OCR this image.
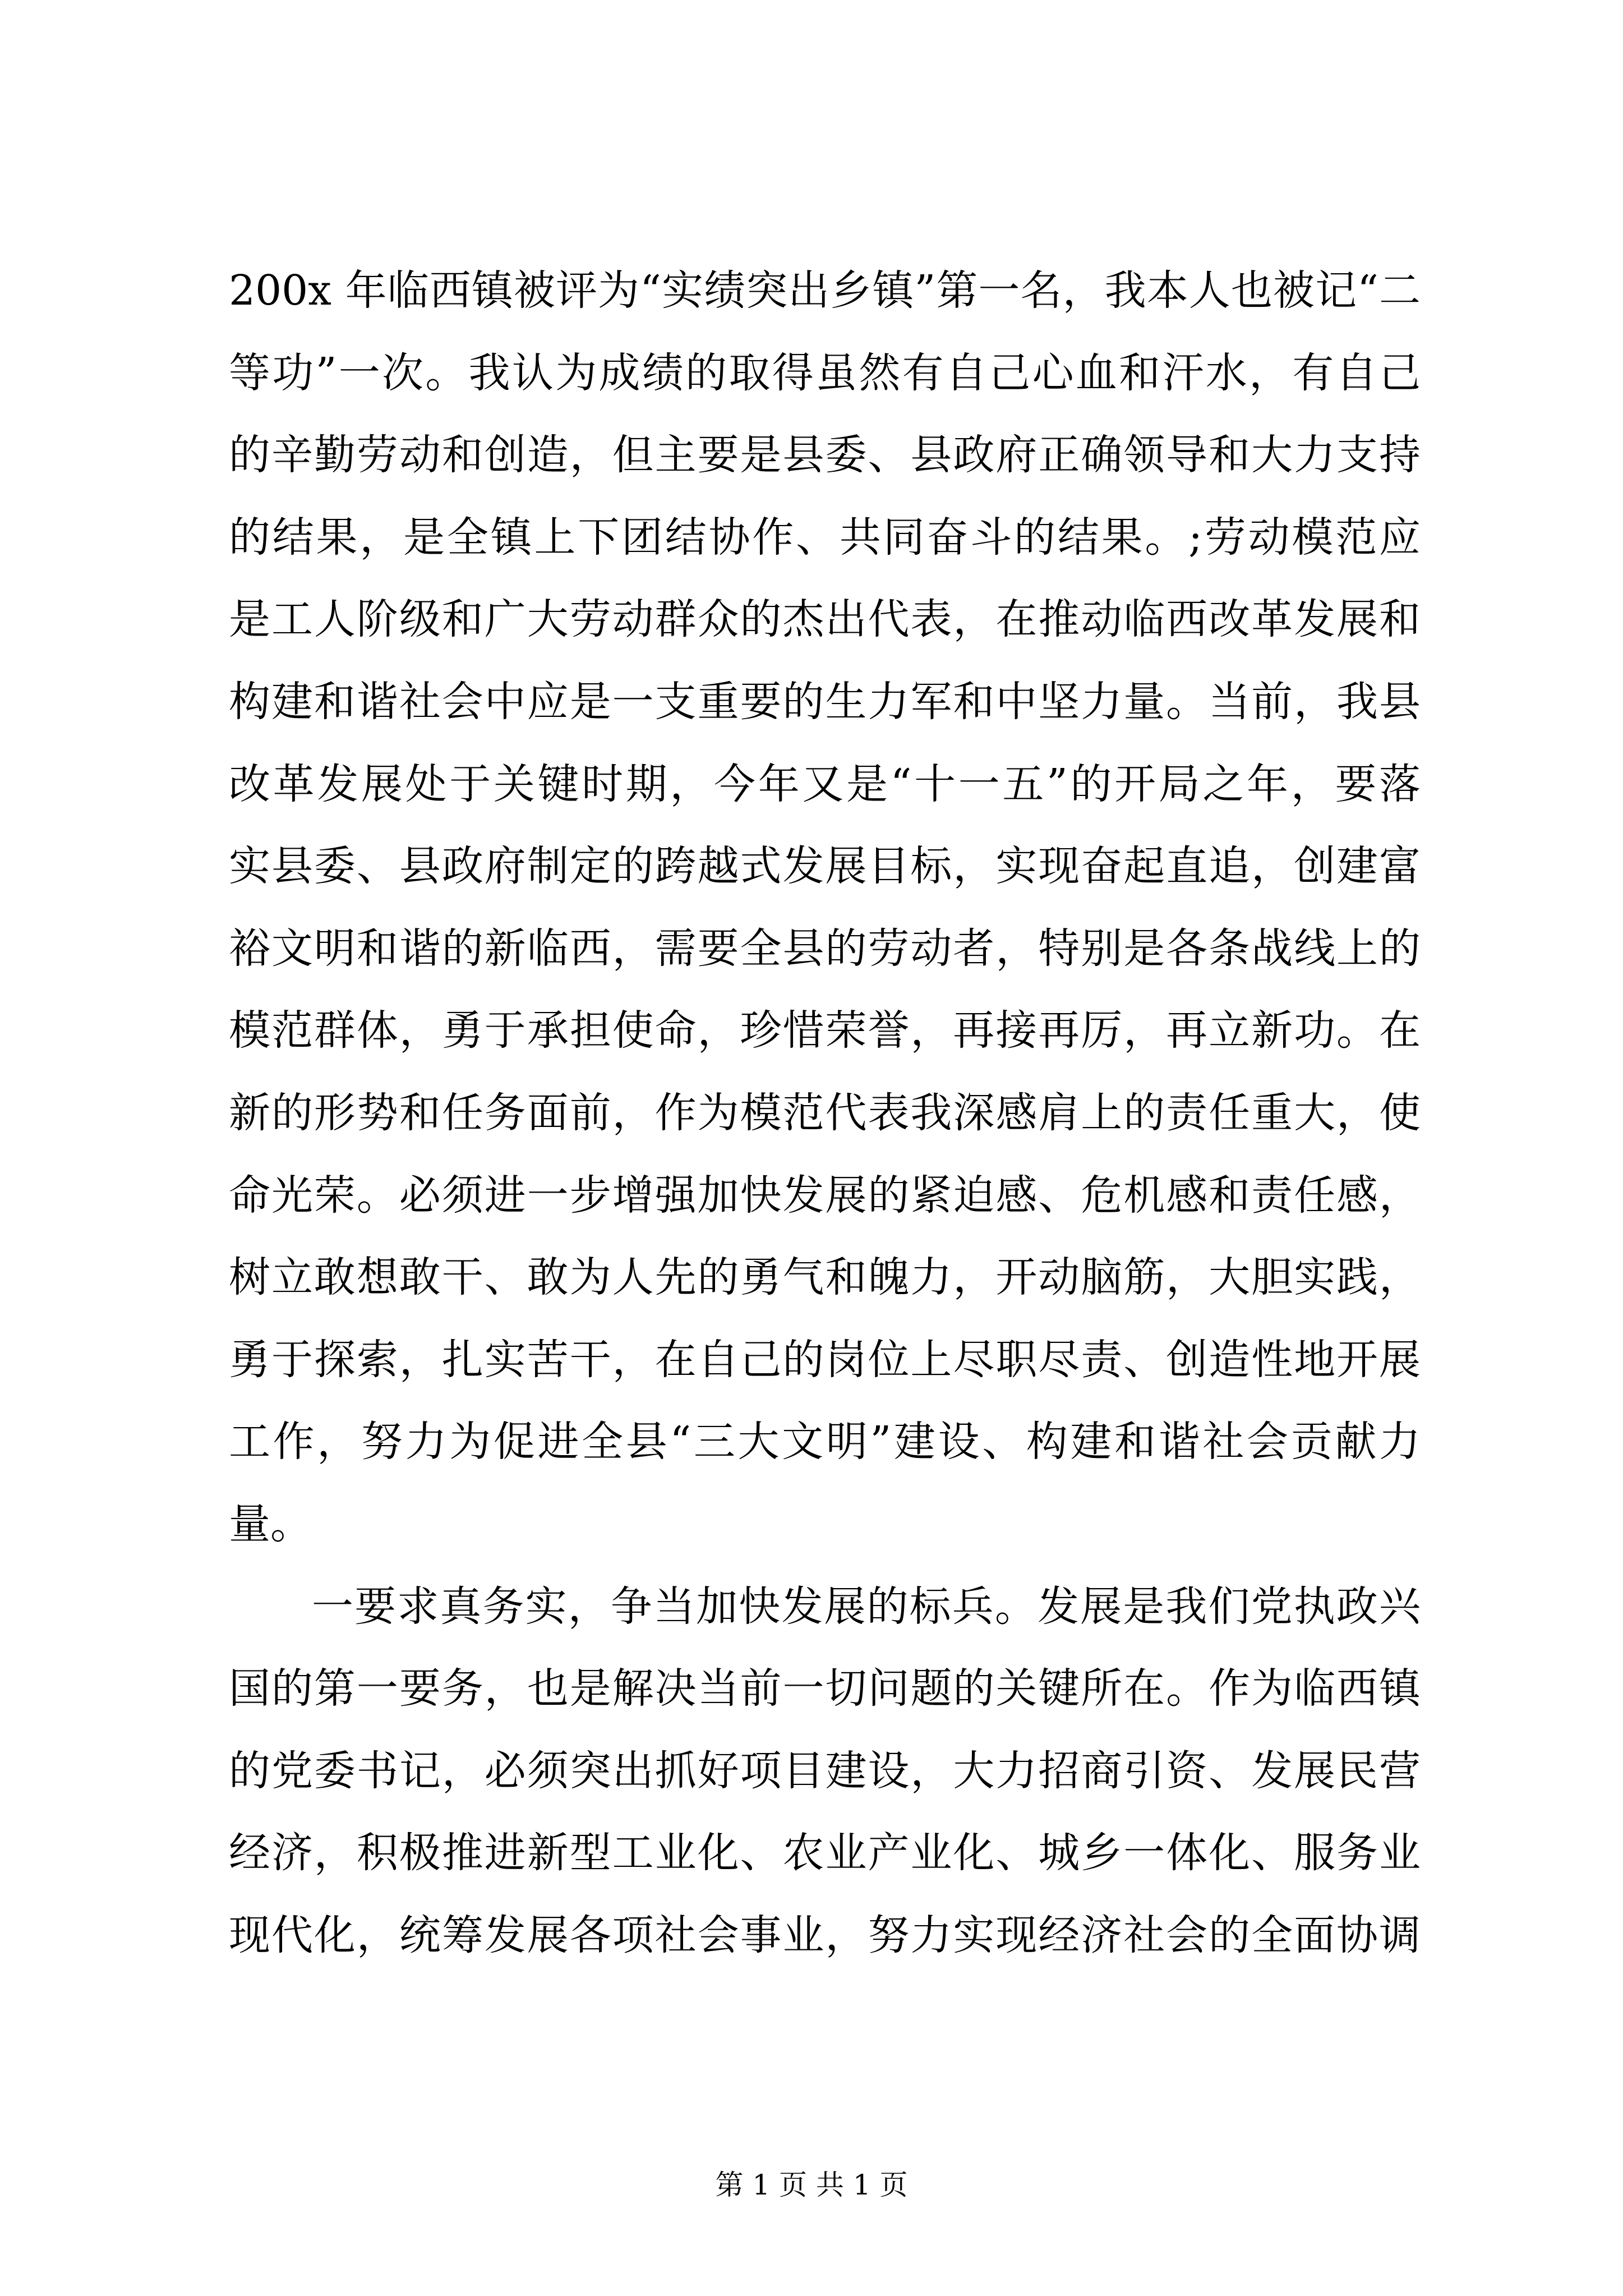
200x 年临西镇被评为“实绩突出乡镇”第一名，我本人也被记“二
等功”一次。我认为成绩的取得虽然有自己心血和汗水，有自己
的辛勤劳动和创造，但主要是县委、县政府正确领导和大力支持
的结果，是全镇上下团结协作、共同奋斗的结果。;劳动模范应
是工人阶级和广大劳动群众的杰出代表，在推动临西改革发展和
构建和谐社会中应是一支重要的生力军和中坚力量。当前，我县
改革发展处于关键时期，今年又是“十一五”的开局之年，要落
实县委、县政府制定的跨越式发展目标，实现奋起直追，创建富
裕文明和谐的新临西，需要全县的劳动者，特别是各条战线上的
模范群体，勇于承担使命，珍惜荣誉，再接再厉，再立新功。在
新的形势和任务面前，作为模范代表我深感肩上的责任重大，使
命光荣。必须进一步增强加快发展的紧迫感、危机感和责任感，
树立敢想敢干、敢为人先的勇气和魄力，开动脑筋，大胆实践，
勇于探索，扎实苦干，在自己的岗位上尽职尽责、创造性地开展
工作，努力为促进全县“三大文明”建设、构建和谐社会贡献力
量。
一要求真务实，争当加快发展的标兵。发展是我们党执政兴
国的第一要务，也是解决当前一切问题的关键所在。作为临西镇
的党委书记，必须突出抓好项目建设，大力招商引资、发展民营
经济，积极推进新型工业化、农业产业化、城乡一体化、服务业
现代化，统筹发展各项社会事业，努力实现经济社会的全面协调
第 1 页 共 1 页
